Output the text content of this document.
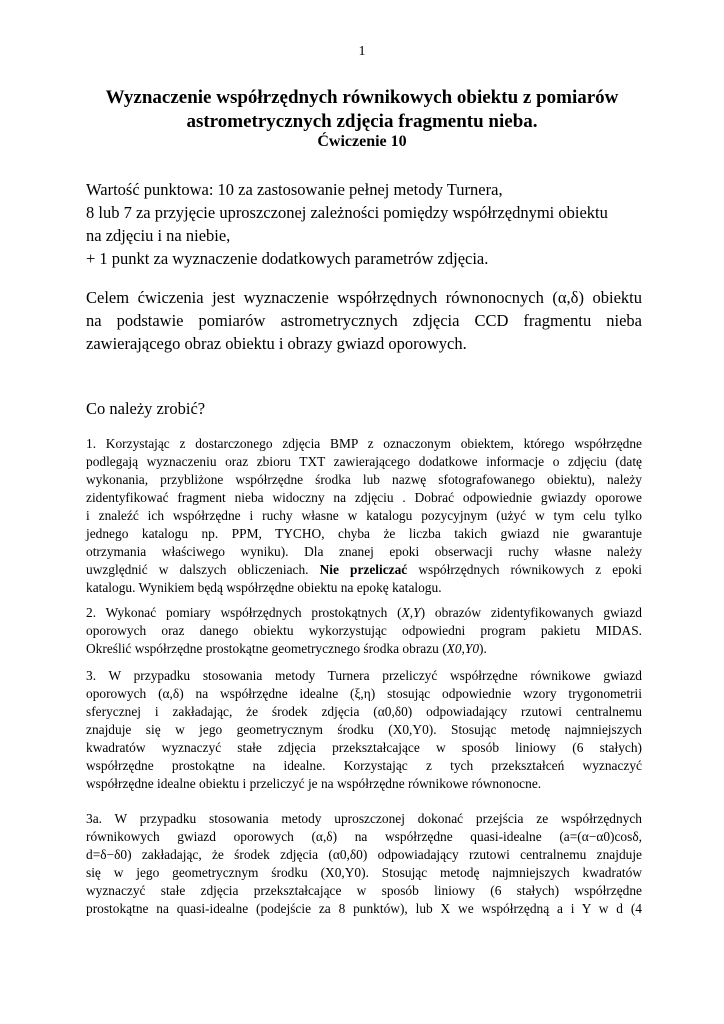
1
Wyznaczenie współrzędnych równikowych obiektu z pomiarów
astrometrycznych zdjęcia fragmentu nieba.
Ćwiczenie 10
Wartość punktowa: 10 za zastosowanie pełnej metody Turnera,
8 lub 7 za przyjęcie uproszczonej zależności pomiędzy współrzędnymi obiektu
na zdjęciu i na niebie,
+ 1 punkt za wyznaczenie dodatkowych parametrów zdjęcia.
Celem ćwiczenia jest wyznaczenie współrzędnych równonocnych (α,δ) obiektu
na podstawie pomiarów astrometrycznych zdjęcia CCD fragmentu nieba
zawierającego obraz obiektu i obrazy gwiazd oporowych.
Co należy zrobić?
1. Korzystając z dostarczonego zdjęcia BMP z oznaczonym obiektem, którego współrzędne
podlegają wyznaczeniu oraz zbioru TXT zawierającego dodatkowe informacje o zdjęciu (datę
wykonania, przybliżone współrzędne środka lub nazwę sfotografowanego obiektu), należy
zidentyfikować fragment nieba widoczny na zdjęciu . Dobrać odpowiednie gwiazdy oporowe
i znaleźć ich współrzędne i ruchy własne w katalogu pozycyjnym (użyć w tym celu tylko
jednego katalogu np. PPM, TYCHO, chyba że liczba takich gwiazd nie gwarantuje
otrzymania właściwego wyniku). Dla znanej epoki obserwacji ruchy własne należy
uwzględnić w dalszych obliczeniach. Nie przeliczać współrzędnych równikowych z epoki
katalogu. Wynikiem będą współrzędne obiektu na epokę katalogu.
2. Wykonać pomiary współrzędnych prostokątnych (X,Y) obrazów zidentyfikowanych gwiazd
oporowych oraz danego obiektu wykorzystując odpowiedni program pakietu MIDAS.
Określić współrzędne prostokątne geometrycznego środka obrazu (X0,Y0).
3. W przypadku stosowania metody Turnera przeliczyć współrzędne równikowe gwiazd
oporowych (α,δ) na współrzędne idealne (ξ,η) stosując odpowiednie wzory trygonometrii
sferycznej i zakładając, że środek zdjęcia (α0,δ0) odpowiadający rzutowi centralnemu
znajduje się w jego geometrycznym środku (X0,Y0). Stosując metodę najmniejszych
kwadratów wyznaczyć stałe zdjęcia przekształcające w sposób liniowy (6 stałych)
współrzędne prostokątne na idealne. Korzystając z tych przekształceń wyznaczyć
współrzędne idealne obiektu i przeliczyć je na współrzędne równikowe równonocne.
3a. W przypadku stosowania metody uproszczonej dokonać przejścia ze współrzędnych
równikowych gwiazd oporowych (α,δ) na współrzędne quasi-idealne (a=(α−α0)cosδ,
d=δ−δ0) zakładając, że środek zdjęcia (α0,δ0) odpowiadający rzutowi centralnemu znajduje
się w jego geometrycznym środku (X0,Y0). Stosując metodę najmniejszych kwadratów
wyznaczyć stałe zdjęcia przekształcające w sposób liniowy (6 stałych) współrzędne
prostokątne na quasi-idealne (podejście za 8 punktów), lub X we współrzędną a i Y w d (4
